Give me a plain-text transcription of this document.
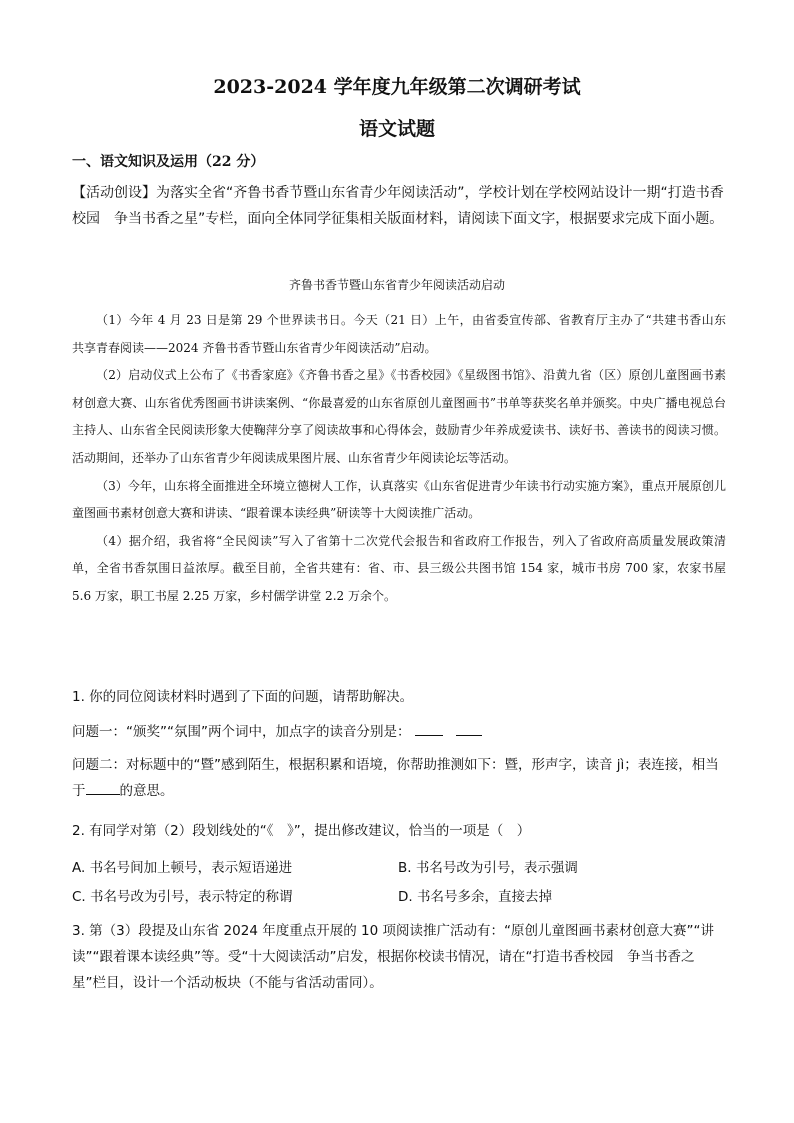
2023-2024 学年度九年级第二次调研考试
语文试题
一、语文知识及运用（22 分）
【活动创设】为落实全省“齐鲁书香节暨山东省青少年阅读活动”，学校计划在学校网站设计一期“打造书香校园　争当书香之星”专栏，面向全体同学征集相关版面材料，请阅读下面文字，根据要求完成下面小题。
齐鲁书香节暨山东省青少年阅读活动启动

（1）今年 4 月 23 日是第 29 个世界读书日。今天（21 日）上午，由省委宣传部、省教育厅主办了“共建书香山东　共享青春阅读——2024 齐鲁书香节暨山东省青少年阅读活动”启动。

（2）启动仪式上公布了《书香家庭》《齐鲁书香之星》《书香校园》《星级图书馆》、沿黄九省（区）原创儿童图画书素材创意大赛、山东省优秀图画书讲读案例、“你最喜爱的山东省原创儿童图画书”书单等获奖名单并颁奖。中央广播电视总台主持人、山东省全民阅读形象大使鞠萍分享了阅读故事和心得体会，鼓励青少年养成爱读书、读好书、善读书的阅读习惯。活动期间，还举办了山东省青少年阅读成果图片展、山东省青少年阅读论坛等活动。

（3）今年，山东将全面推进全环境立德树人工作，认真落实《山东省促进青少年读书行动实施方案》，重点开展原创儿童图画书素材创意大赛和讲读、“跟着课本读经典”研读等十大阅读推广活动。

（4）据介绍，我省将“全民阅读”写入了省第十二次党代会报告和省政府工作报告，列入了省政府高质量发展政策清单，全省书香氛围日益浓厚。截至目前，全省共建有：省、市、县三级公共图书馆 154 家，城市书房 700 家，农家书屋 5.6 万家，职工书屋 2.25 万家，乡村儒学讲堂 2.2 万余个。

1. 你的同位阅读材料时遇到了下面的问题，请帮助解决。
问题一：“颁奖”“氛围”两个词中，加点字的读音分别是：
问题二：对标题中的“暨”感到陌生，根据积累和语境，你帮助推测如下：暨，形声字，读音 jì；表连接，相当于	的意思。
2. 有同学对第（2）段划线处的“《　》”，提出修改建议，恰当的一项是（　）
A. 书名号间加上顿号，表示短语递进	B. 书名号改为引号，表示强调
C. 书名号改为引号，表示特定的称谓	D. 书名号多余，直接去掉
3. 第（3）段提及山东省 2024 年度重点开展的 10 项阅读推广活动有：“原创儿童图画书素材创意大赛”“讲读”“跟着课本读经典”等。受“十大阅读活动”启发，根据你校读书情况，请在“打造书香校园　争当书香之星”栏目，设计一个活动板块（不能与省活动雷同）。
